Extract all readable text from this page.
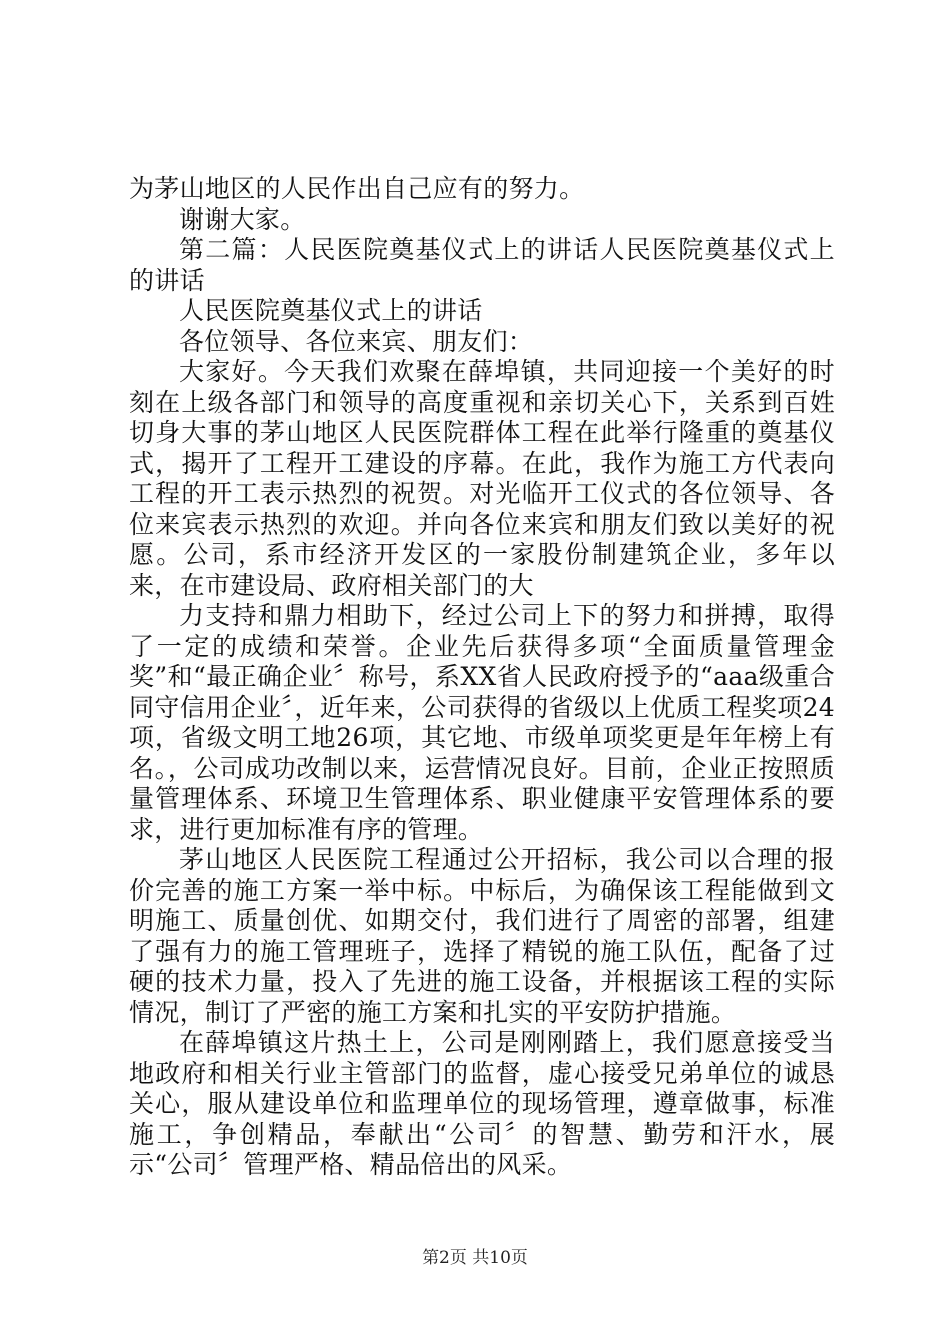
为茅山地区的人民作出自己应有的努力。

谢谢大家。

第二篇：人民医院奠基仪式上的讲话人民医院奠基仪式上的讲话

人民医院奠基仪式上的讲话

各位领导、各位来宾、朋友们：

大家好。今天我们欢聚在薛埠镇，共同迎接一个美好的时刻在上级各部门和领导的高度重视和亲切关心下，关系到百姓切身大事的茅山地区人民医院群体工程在此举行隆重的奠基仪式，揭开了工程开工建设的序幕。在此，我作为施工方代表向工程的开工表示热烈的祝贺。对光临开工仪式的各位领导、各位来宾表示热烈的欢迎。并向各位来宾和朋友们致以美好的祝愿。公司，系市经济开发区的一家股份制建筑企业，多年以来，在市建设局、政府相关部门的大

力支持和鼎力相助下，经过公司上下的努力和拼搏，取得了一定的成绩和荣誉。企业先后获得多项“全面质量管理金奖”和“最正确企业〞称号，系XX省人民政府授予的“aaa级重合同守信用企业〞，近年来，公司获得的省级以上优质工程奖项24项，省级文明工地26项，其它地、市级单项奖更是年年榜上有名。，公司成功改制以来，运营情况良好。目前，企业正按照质量管理体系、环境卫生管理体系、职业健康平安管理体系的要求，进行更加标准有序的管理。

茅山地区人民医院工程通过公开招标，我公司以合理的报价完善的施工方案一举中标。中标后，为确保该工程能做到文明施工、质量创优、如期交付，我们进行了周密的部署，组建了强有力的施工管理班子，选择了精锐的施工队伍，配备了过硬的技术力量，投入了先进的施工设备，并根据该工程的实际情况，制订了严密的施工方案和扎实的平安防护措施。

在薛埠镇这片热土上，公司是刚刚踏上，我们愿意接受当地政府和相关行业主管部门的监督，虚心接受兄弟单位的诚恳关心，服从建设单位和监理单位的现场管理，遵章做事，标准施工，争创精品，奉献出“公司〞的智慧、勤劳和汗水，展示“公司〞管理严格、精品倍出的风采。

第2页 共10页
